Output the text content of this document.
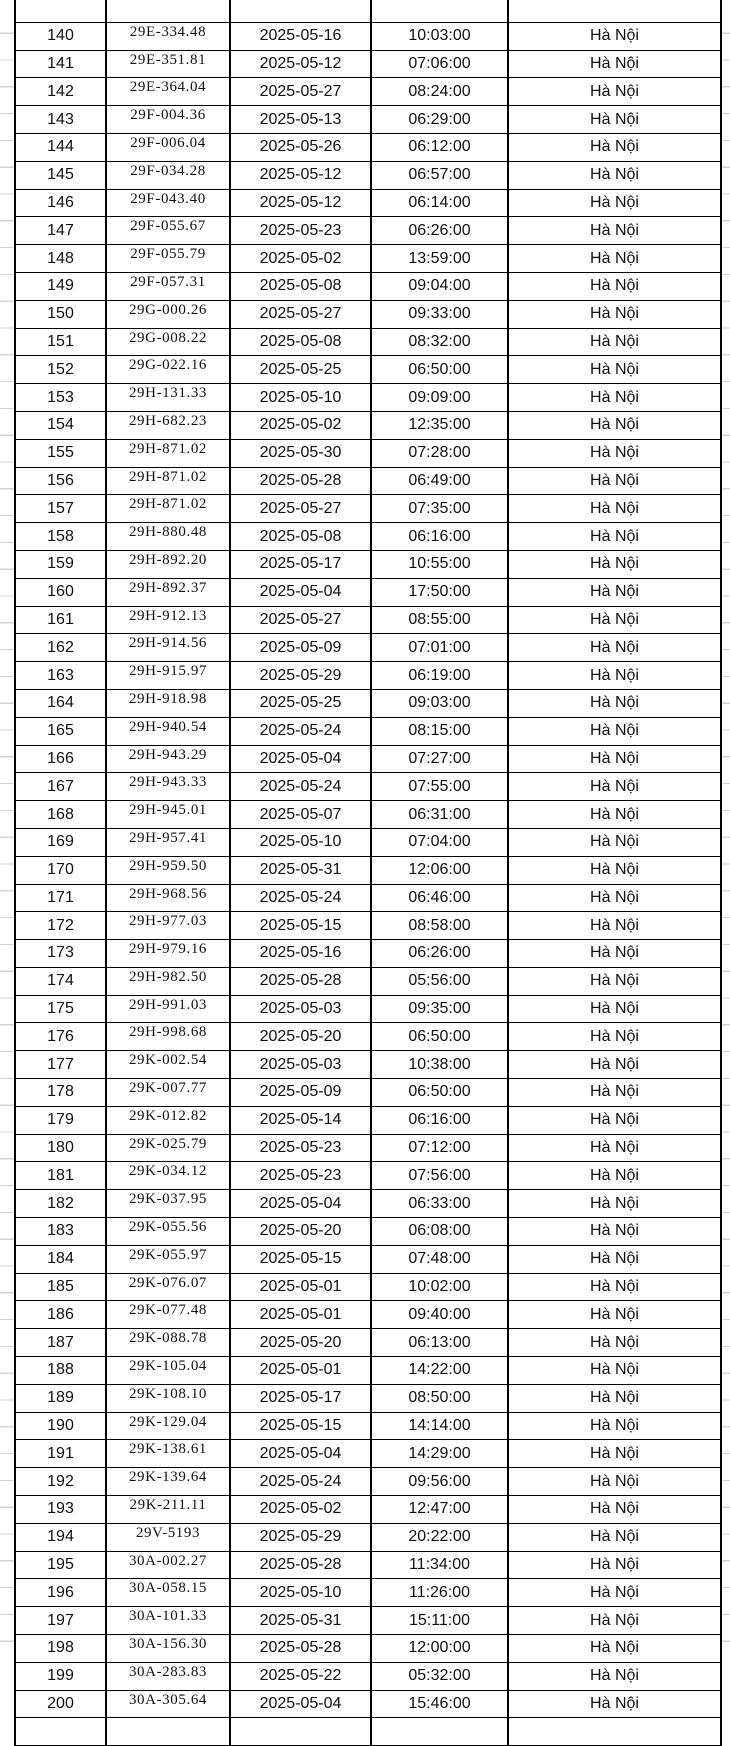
140	29E-334.48	2025-05-16	10:03:00	Hà Nội
141	29E-351.81	2025-05-12	07:06:00	Hà Nội
142	29E-364.04	2025-05-27	08:24:00	Hà Nội
143	29F-004.36	2025-05-13	06:29:00	Hà Nội
144	29F-006.04	2025-05-26	06:12:00	Hà Nội
145	29F-034.28	2025-05-12	06:57:00	Hà Nội
146	29F-043.40	2025-05-12	06:14:00	Hà Nội
147	29F-055.67	2025-05-23	06:26:00	Hà Nội
148	29F-055.79	2025-05-02	13:59:00	Hà Nội
149	29F-057.31	2025-05-08	09:04:00	Hà Nội
150	29G-000.26	2025-05-27	09:33:00	Hà Nội
151	29G-008.22	2025-05-08	08:32:00	Hà Nội
152	29G-022.16	2025-05-25	06:50:00	Hà Nội
153	29H-131.33	2025-05-10	09:09:00	Hà Nội
154	29H-682.23	2025-05-02	12:35:00	Hà Nội
155	29H-871.02	2025-05-30	07:28:00	Hà Nội
156	29H-871.02	2025-05-28	06:49:00	Hà Nội
157	29H-871.02	2025-05-27	07:35:00	Hà Nội
158	29H-880.48	2025-05-08	06:16:00	Hà Nội
159	29H-892.20	2025-05-17	10:55:00	Hà Nội
160	29H-892.37	2025-05-04	17:50:00	Hà Nội
161	29H-912.13	2025-05-27	08:55:00	Hà Nội
162	29H-914.56	2025-05-09	07:01:00	Hà Nội
163	29H-915.97	2025-05-29	06:19:00	Hà Nội
164	29H-918.98	2025-05-25	09:03:00	Hà Nội
165	29H-940.54	2025-05-24	08:15:00	Hà Nội
166	29H-943.29	2025-05-04	07:27:00	Hà Nội
167	29H-943.33	2025-05-24	07:55:00	Hà Nội
168	29H-945.01	2025-05-07	06:31:00	Hà Nội
169	29H-957.41	2025-05-10	07:04:00	Hà Nội
170	29H-959.50	2025-05-31	12:06:00	Hà Nội
171	29H-968.56	2025-05-24	06:46:00	Hà Nội
172	29H-977.03	2025-05-15	08:58:00	Hà Nội
173	29H-979.16	2025-05-16	06:26:00	Hà Nội
174	29H-982.50	2025-05-28	05:56:00	Hà Nội
175	29H-991.03	2025-05-03	09:35:00	Hà Nội
176	29H-998.68	2025-05-20	06:50:00	Hà Nội
177	29K-002.54	2025-05-03	10:38:00	Hà Nội
178	29K-007.77	2025-05-09	06:50:00	Hà Nội
179	29K-012.82	2025-05-14	06:16:00	Hà Nội
180	29K-025.79	2025-05-23	07:12:00	Hà Nội
181	29K-034.12	2025-05-23	07:56:00	Hà Nội
182	29K-037.95	2025-05-04	06:33:00	Hà Nội
183	29K-055.56	2025-05-20	06:08:00	Hà Nội
184	29K-055.97	2025-05-15	07:48:00	Hà Nội
185	29K-076.07	2025-05-01	10:02:00	Hà Nội
186	29K-077.48	2025-05-01	09:40:00	Hà Nội
187	29K-088.78	2025-05-20	06:13:00	Hà Nội
188	29K-105.04	2025-05-01	14:22:00	Hà Nội
189	29K-108.10	2025-05-17	08:50:00	Hà Nội
190	29K-129.04	2025-05-15	14:14:00	Hà Nội
191	29K-138.61	2025-05-04	14:29:00	Hà Nội
192	29K-139.64	2025-05-24	09:56:00	Hà Nội
193	29K-211.11	2025-05-02	12:47:00	Hà Nội
194	29V-5193	2025-05-29	20:22:00	Hà Nội
195	30A-002.27	2025-05-28	11:34:00	Hà Nội
196	30A-058.15	2025-05-10	11:26:00	Hà Nội
197	30A-101.33	2025-05-31	15:11:00	Hà Nội
198	30A-156.30	2025-05-28	12:00:00	Hà Nội
199	30A-283.83	2025-05-22	05:32:00	Hà Nội
200	30A-305.64	2025-05-04	15:46:00	Hà Nội
